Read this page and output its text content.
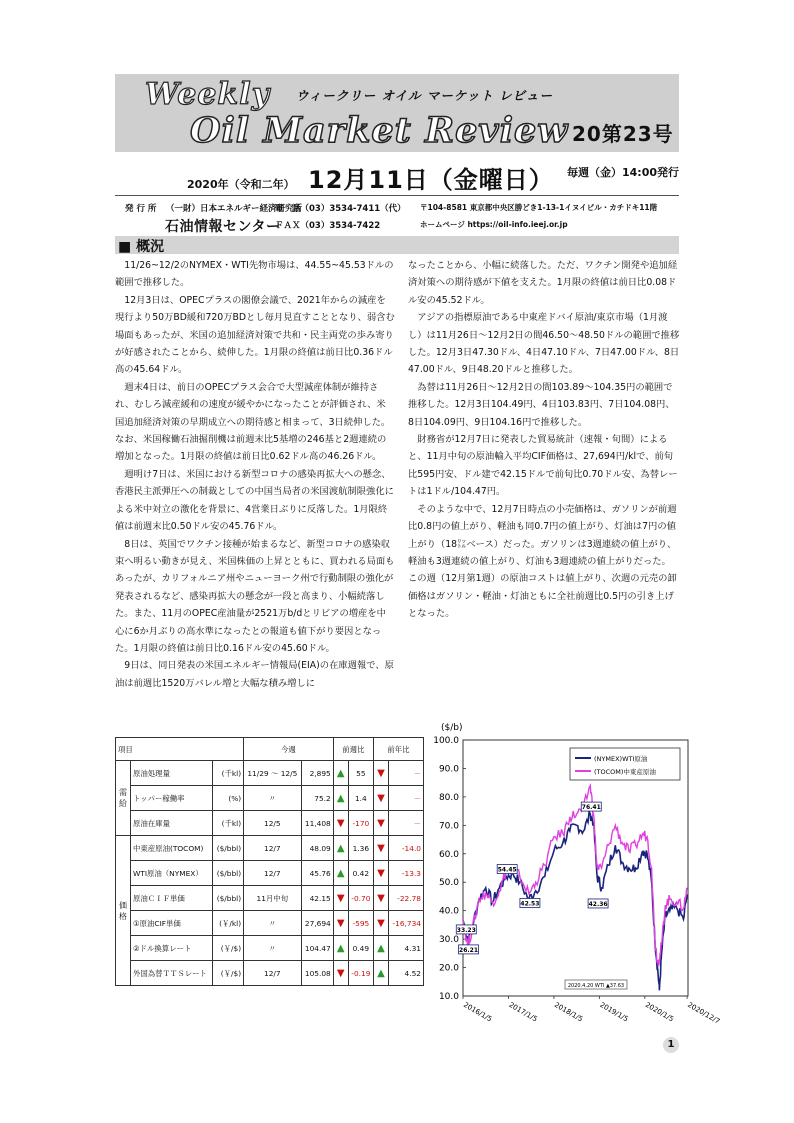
Weekly ウィークリー オイル マーケット レビュー
Oil Market Review 20第23号
2020年（令和二年） 12月11日（金曜日） 毎週（金）14:00発行
発 行 所 （一財）日本エネルギー経済研究所
石油情報センター
電　話（03）3534-7411（代）
ＦＡＸ（03）3534-7422
〒104-8581 東京都中央区勝どき1-13-1イヌイビル・カチドキ11階
ホームページ https://oil-info.ieej.or.jp
■ 概況

11/26~12/2のNYMEX・WTI先物市場は、44.55~45.53ドルの範囲で推移した。

12月3日は、OPECプラスの閣僚会議で、2021年からの減産を現行より50万BD緩和720万BDとし毎月見直すこととなり、弱含む場面もあったが、米国の追加経済対策で共和・民主両党の歩み寄りが好感されたことから、続伸した。1月限の終値は前日比0.36ドル高の45.64ドル。

週末4日は、前日のOPECプラス会合で大型減産体制が維持され、むしろ減産緩和の速度が緩やかになったことが評価され、米国追加経済対策の早期成立への期待感と相まって、3日続伸した。なお、米国稼働石油掘削機は前週末比5基増の246基と2週連続の増加となった。1月限の終値は前日比0.62ドル高の46.26ドル。

週明け7日は、米国における新型コロナの感染再拡大への懸念、香港民主派弾圧への制裁としての中国当局者の米国渡航制限強化による米中対立の激化を背景に、4営業日ぶりに反落した。1月限終値は前週末比0.50ドル安の45.76ドル。

8日は、英国でワクチン接種が始まるなど、新型コロナの感染収束へ明るい動きが見え、米国株価の上昇とともに、買われる局面もあったが、カリフォルニア州やニューヨーク州で行動制限の強化が発表されるなど、感染再拡大の懸念が一段と高まり、小幅続落した。また、11月のOPEC産油量が2521万b/dとリビアの増産を中心に6か月ぶりの高水準になったとの報道も値下がり要因となった。1月限の終値は前日比0.16ドル安の45.60ドル。

9日は、同日発表の米国エネルギー情報局(EIA)の在庫週報で、原油は前週比1520万バレル増と大幅な積み増しに

なったことから、小幅に続落した。ただ、ワクチン開発や追加経済対策への期待感が下値を支えた。1月限の終値は前日比0.08ドル安の45.52ドル。

アジアの指標原油である中東産ドバイ原油/東京市場（1月渡し）は11月26日～12月2日の間46.50～48.50ドルの範囲で推移した。12月3日47.30ドル、4日47.10ドル、7日47.00ドル、8日47.00ドル、9日48.20ドルと推移した。

為替は11月26日～12月2日の間103.89～104.35円の範囲で推移した。12月3日104.49円、4日103.83円、7日104.08円、8日104.09円、9日104.16円で推移した。

財務省が12月7日に発表した貿易統計（速報・旬間）によると、11月中旬の原油輸入平均CIF価格は、27,694円/klで、前旬比595円安、ドル建で42.15ドルで前旬比0.70ドル安、為替レートは1ドル/104.47円。

そのような中で、12月7日時点の小売価格は、ガソリンが前週比0.8円の値上がり、軽油も同0.7円の値上がり、灯油は7円の値上がり（18㍑ベース）だった。ガソリンは3週連続の値上がり、軽油も3週連続の値上がり、灯油も3週連続の値上がりだった。この週（12月第1週）の原油コストは値上がり、次週の元売の卸価格はガソリン・軽油・灯油ともに全社前週比0.5円の引き上げとなった。

項目			今週		前週比		前年比	
需給	原油処理量	(千kl)	11/29 ～ 12/5	2,895	▲	55	▼	－
	トッパー稼働率	(%)	〃	75.2	▲	1.4	▼	－
	原油在庫量	(千kl)	12/5	11,408	▼	-170	▼	－
価格	中東産原油(TOCOM)	($/bbl)	12/7	48.09	▲	1.36	▼	-14.0
	WTI原油（NYMEX）	($/bbl)	12/7	45.76	▲	0.42	▼	-13.3
	原油ＣＩＦ単価	($/bbl)	11月中旬	42.15	▼	-0.70	▼	-22.78
	①原油CIF単価	(￥/kl)	〃	27,694	▼	-595	▼	-16,734
	②ドル換算レート	(￥/$)	〃	104.47	▲	0.49	▲	4.31
	外国為替ＴＴＳレート	(￥/$)	12/7	105.08	▼	-0.19	▲	4.52
($/b)
100.0
90.0
80.0
70.0
60.0
50.0
40.0
30.0
20.0
10.0
2016/1/5 2017/1/5 2018/1/5 2019/1/5 2020/1/5 2020/12/7
33.23
54.45
42.53
76.41
42.36
26.21
2020.4.20 WTI ▲37.63
(NYMEX)WTI原油
(TOCOM)中東産原油
1
